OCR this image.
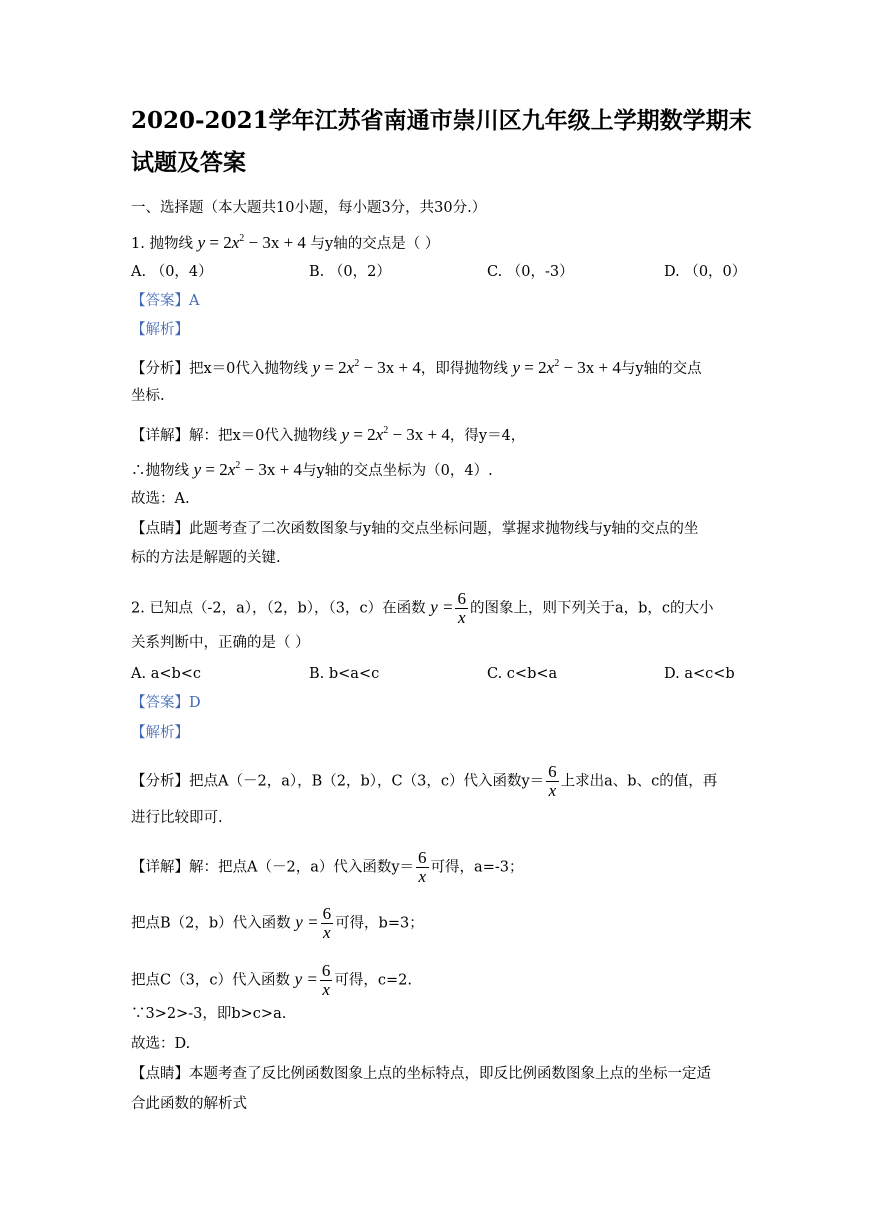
2020-2021学年江苏省南通市崇川区九年级上学期数学期末
试题及答案
一、选择题（本大题共10小题，每小题3分，共30分.）
1. 抛物线 $y = 2x^2 - 3x + 4$ 与y轴的交点是（ ）
A. （0，4）	B. （0，2）	C. （0，-3）	D. （0，0）
【答案】A
【解析】
【分析】把x＝0代入抛物线 $y = 2x^2 - 3x + 4$，即得抛物线 $y = 2x^2 - 3x + 4$与y轴的交点
坐标.
【详解】解：把x＝0代入抛物线 $y = 2x^2 - 3x + 4$，得y＝4，
∴抛物线 $y = 2x^2 - 3x + 4$与y轴的交点坐标为（0，4）.
故选：A.
【点睛】此题考查了二次函数图象与y轴的交点坐标问题，掌握求抛物线与y轴的交点的坐
标的方法是解题的关键.
2. 已知点（-2，a），（2，b），（3，c）在函数 $y = \frac{6}{x}$ 的图象上，则下列关于a，b，c的大小
关系判断中，正确的是（ ）
A. a<b<c	B. b<a<c	C. c<b<a	D. a<c<b
【答案】D
【解析】
【分析】把点A（－2，a），B（2，b），C（3，c）代入函数$y= \frac{6}{x}$ 上求出a、b、c的值，再
进行比较即可.
【详解】解：把点A（－2，a）代入函数$y= \frac{6}{x}$ 可得，a=-3；
把点B（2，b）代入函数 $y = \frac{6}{x}$ 可得，b=3；
把点C（3，c）代入函数 $y = \frac{6}{x}$ 可得，c=2.
∵3>2>-3，即b>c>a.
故选：D.
【点睛】本题考查了反比例函数图象上点的坐标特点，即反比例函数图象上点的坐标一定适
合此函数的解析式
